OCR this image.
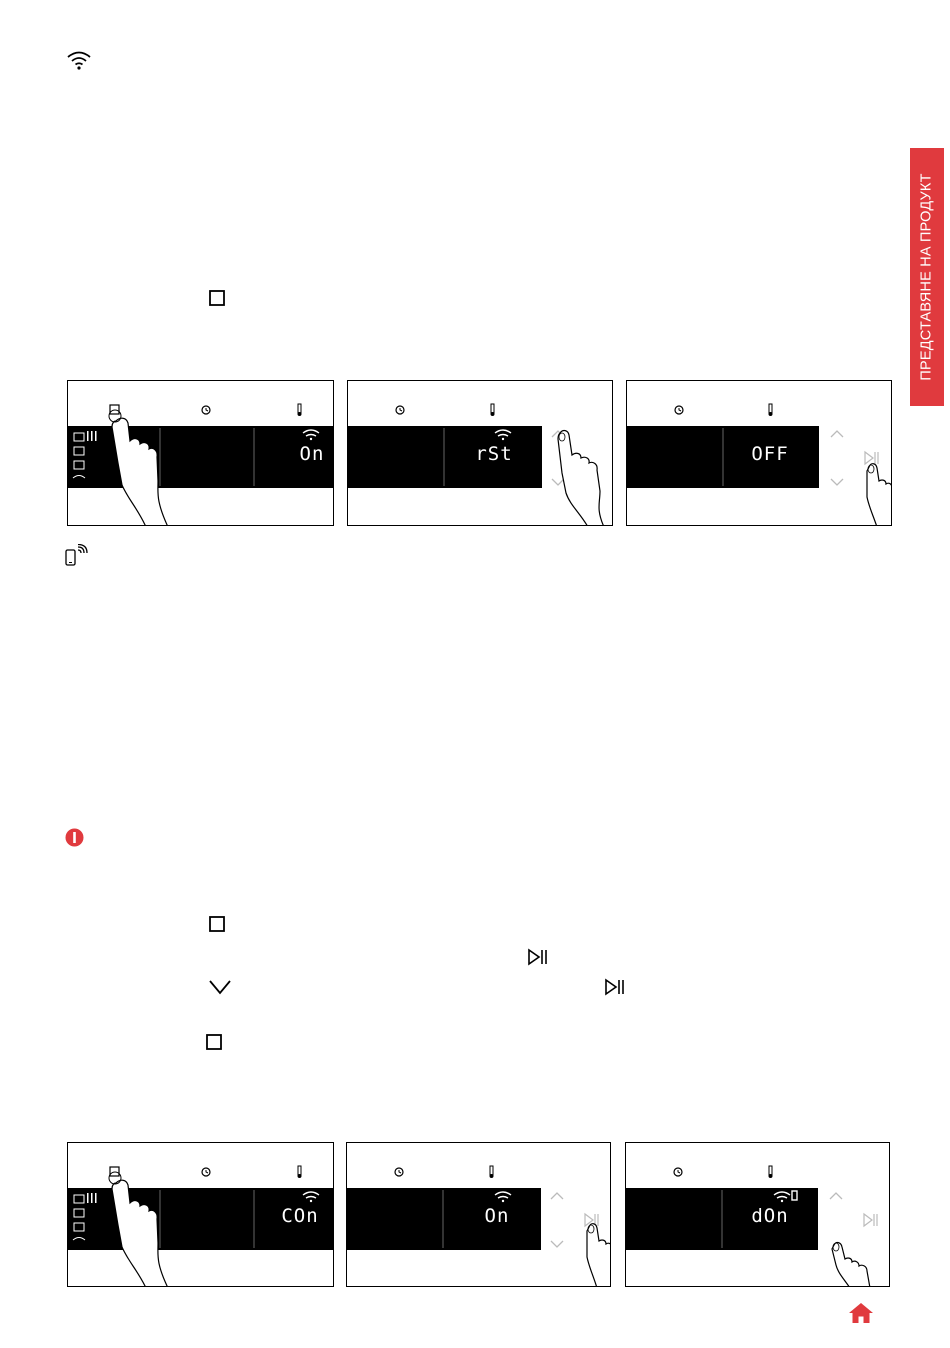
ПРЕДСТАВЯНЕ НА ПРОДУКТ
On	rSt	OFF
COn	On	dOn
